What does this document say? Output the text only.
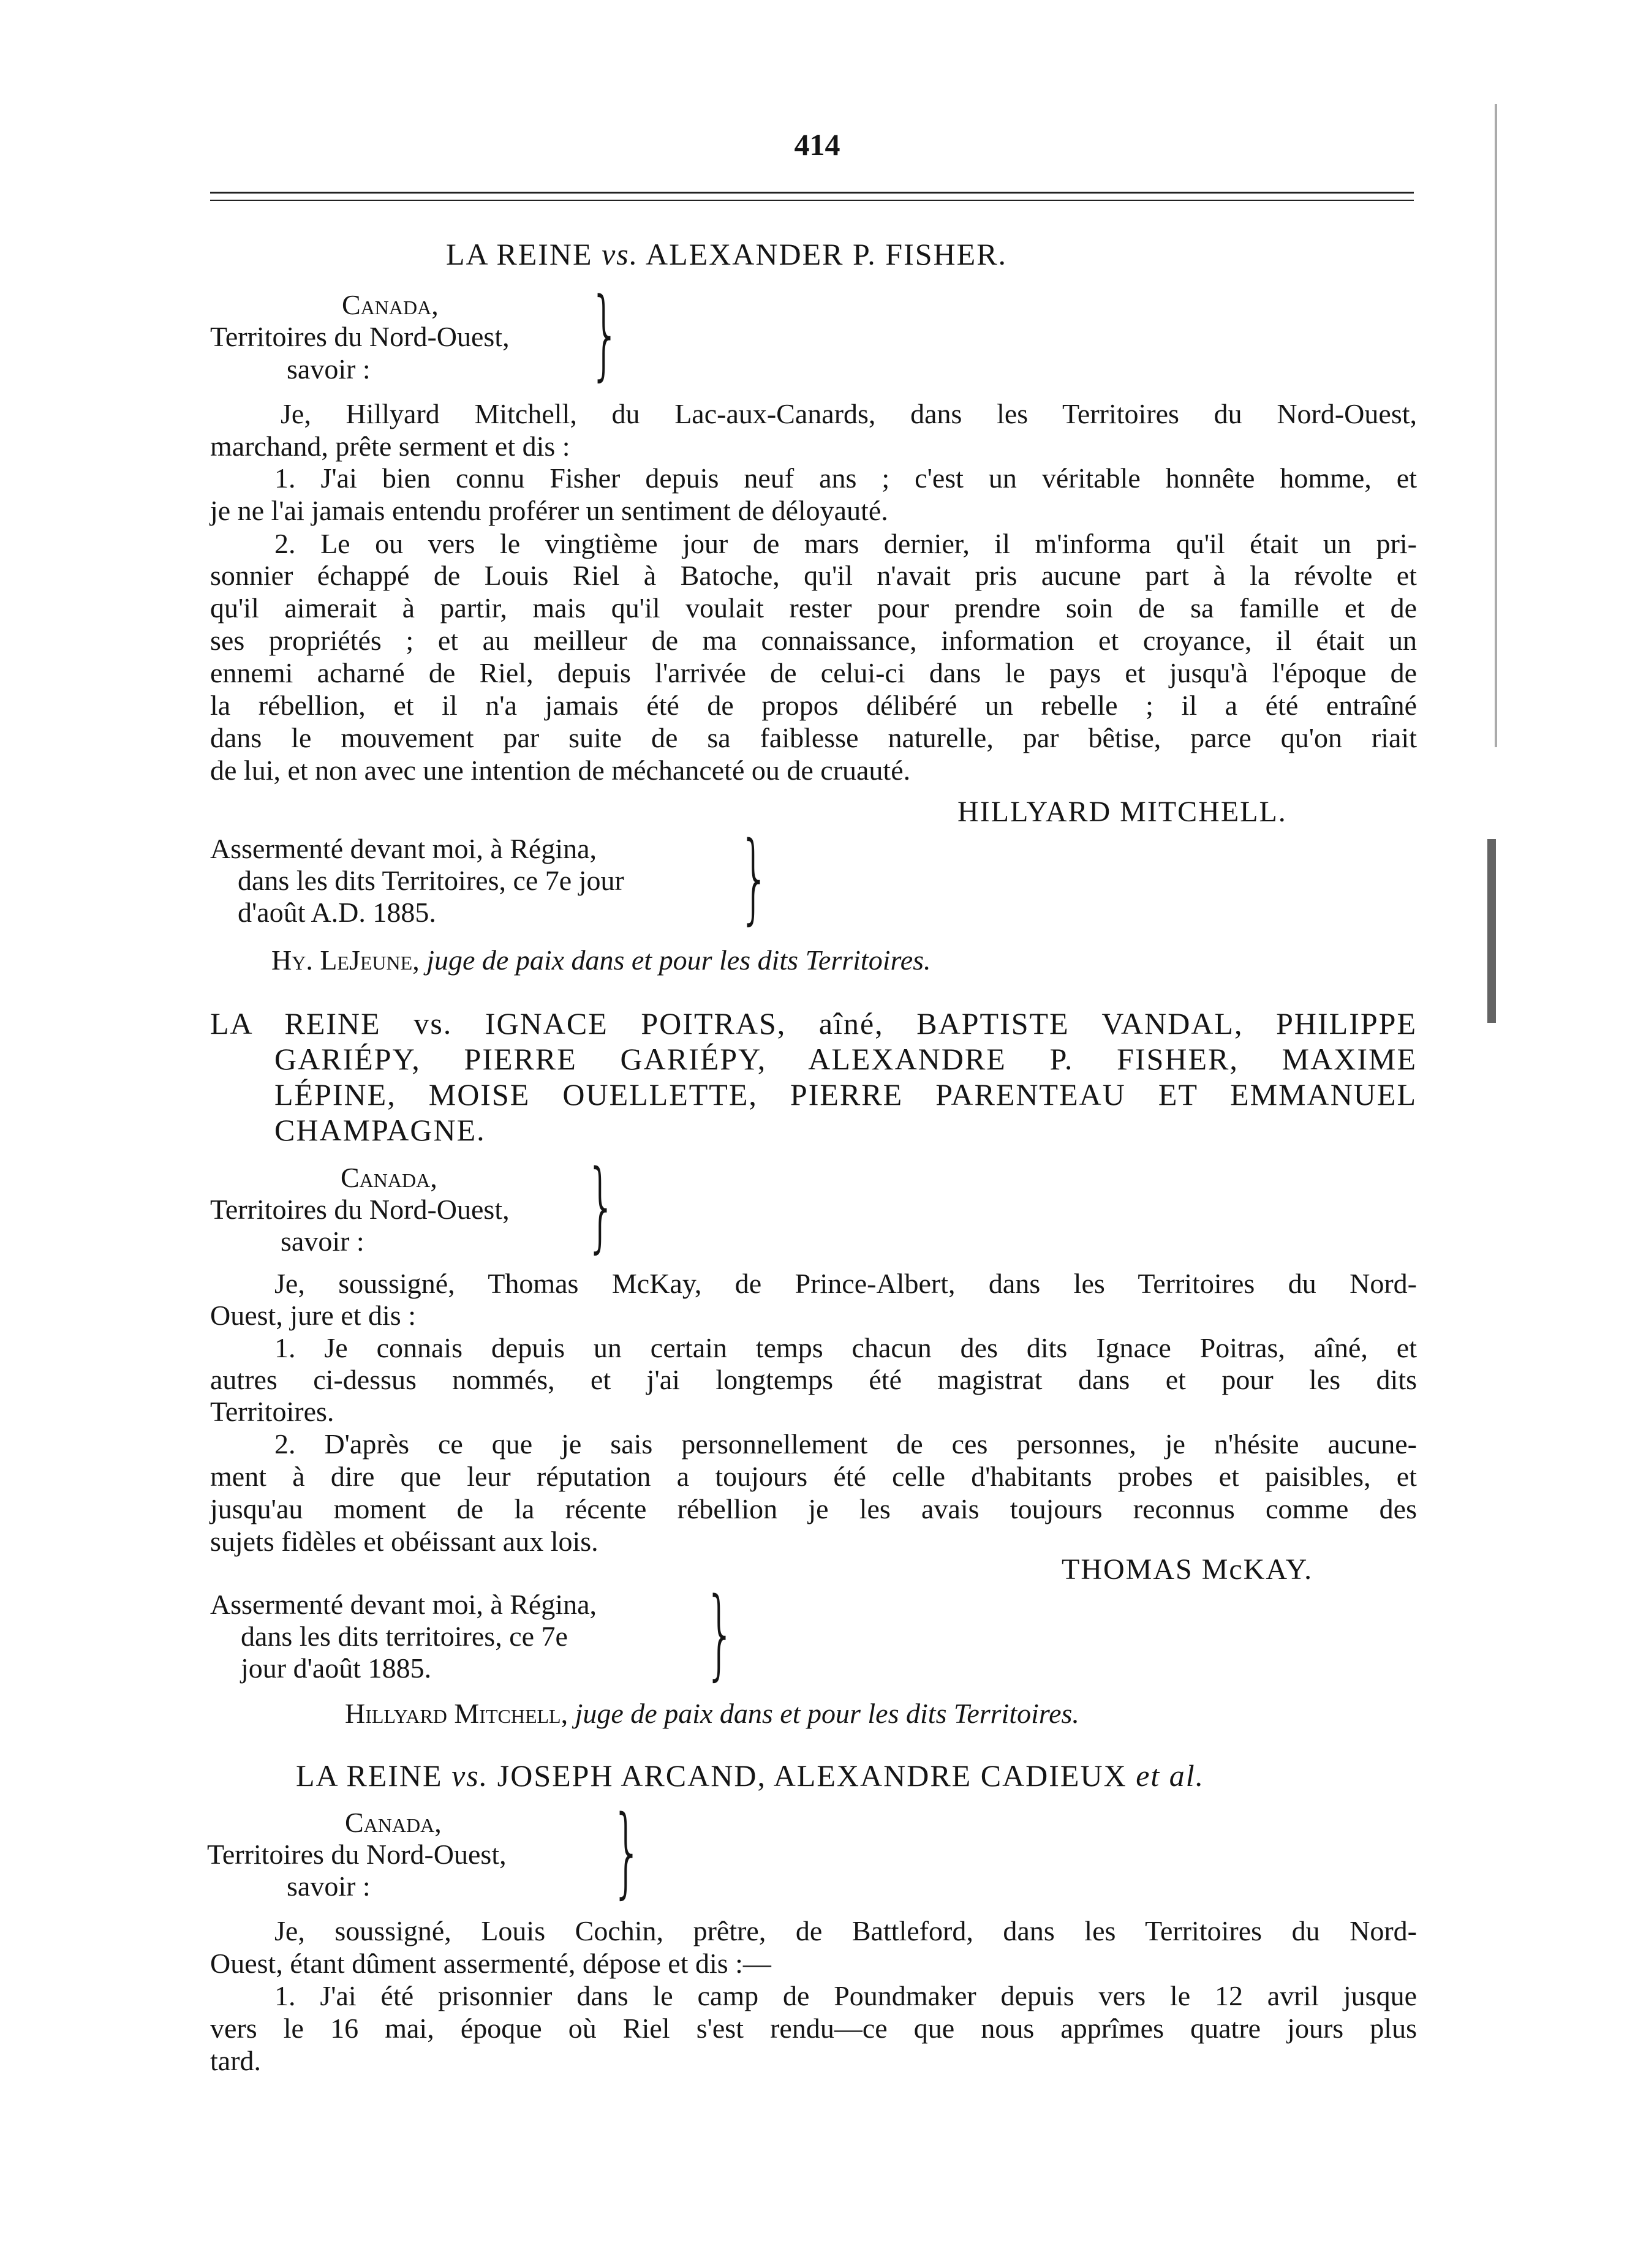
414
LA REINE vs. ALEXANDER P. FISHER.
Canada,
Territoires du Nord-Ouest,
savoir :	}
Je, Hillyard Mitchell, du Lac-aux-Canards, dans les Territoires du Nord-Ouest,
marchand, prête serment et dis :
1. J'ai bien connu Fisher depuis neuf ans ; c'est un véritable honnête homme, et
je ne l'ai jamais entendu proférer un sentiment de déloyauté.
2. Le ou vers le vingtième jour de mars dernier, il m'informa qu'il était un pri-
sonnier échappé de Louis Riel à Batoche, qu'il n'avait pris aucune part à la révolte et
qu'il aimerait à partir, mais qu'il voulait rester pour prendre soin de sa famille et de
ses propriétés ; et au meilleur de ma connaissance, information et croyance, il était un
ennemi acharné de Riel, depuis l'arrivée de celui-ci dans le pays et jusqu'à l'époque de
la rébellion, et il n'a jamais été de propos délibéré un rebelle ; il a été entraîné
dans le mouvement par suite de sa faiblesse naturelle, par bêtise, parce qu'on riait
de lui, et non avec une intention de méchanceté ou de cruauté.
HILLYARD MITCHELL.
Assermenté devant moi, à Régina,
dans les dits Territoires, ce 7e jour
d'août A.D. 1885.	}
Hy. LeJeune, juge de paix dans et pour les dits Territoires.
LA REINE vs. IGNACE POITRAS, aîné, BAPTISTE VANDAL, PHILIPPE
GARIÉPY, PIERRE GARIÉPY, ALEXANDRE P. FISHER, MAXIME
LÉPINE, MOISE OUELLETTE, PIERRE PARENTEAU ET EMMANUEL
CHAMPAGNE.
Canada,
Territoires du Nord-Ouest,
savoir :	}
Je, soussigné, Thomas McKay, de Prince-Albert, dans les Territoires du Nord-
Ouest, jure et dis :
1. Je connais depuis un certain temps chacun des dits Ignace Poitras, aîné, et
autres ci-dessus nommés, et j'ai longtemps été magistrat dans et pour les dits
Territoires.
2. D'après ce que je sais personnellement de ces personnes, je n'hésite aucune-
ment à dire que leur réputation a toujours été celle d'habitants probes et paisibles, et
jusqu'au moment de la récente rébellion je les avais toujours reconnus comme des
sujets fidèles et obéissant aux lois.
THOMAS McKAY.
Assermenté devant moi, à Régina,
dans les dits territoires, ce 7e
jour d'août 1885.	}
Hillyard Mitchell, juge de paix dans et pour les dits Territoires.
LA REINE vs. JOSEPH ARCAND, ALEXANDRE CADIEUX et al.
Canada,
Territoires du Nord-Ouest,
savoir :	}
Je, soussigné, Louis Cochin, prêtre, de Battleford, dans les Territoires du Nord-
Ouest, étant dûment assermenté, dépose et dis :—
1. J'ai été prisonnier dans le camp de Poundmaker depuis vers le 12 avril jusque
vers le 16 mai, époque où Riel s'est rendu—ce que nous apprîmes quatre jours plus
tard.
